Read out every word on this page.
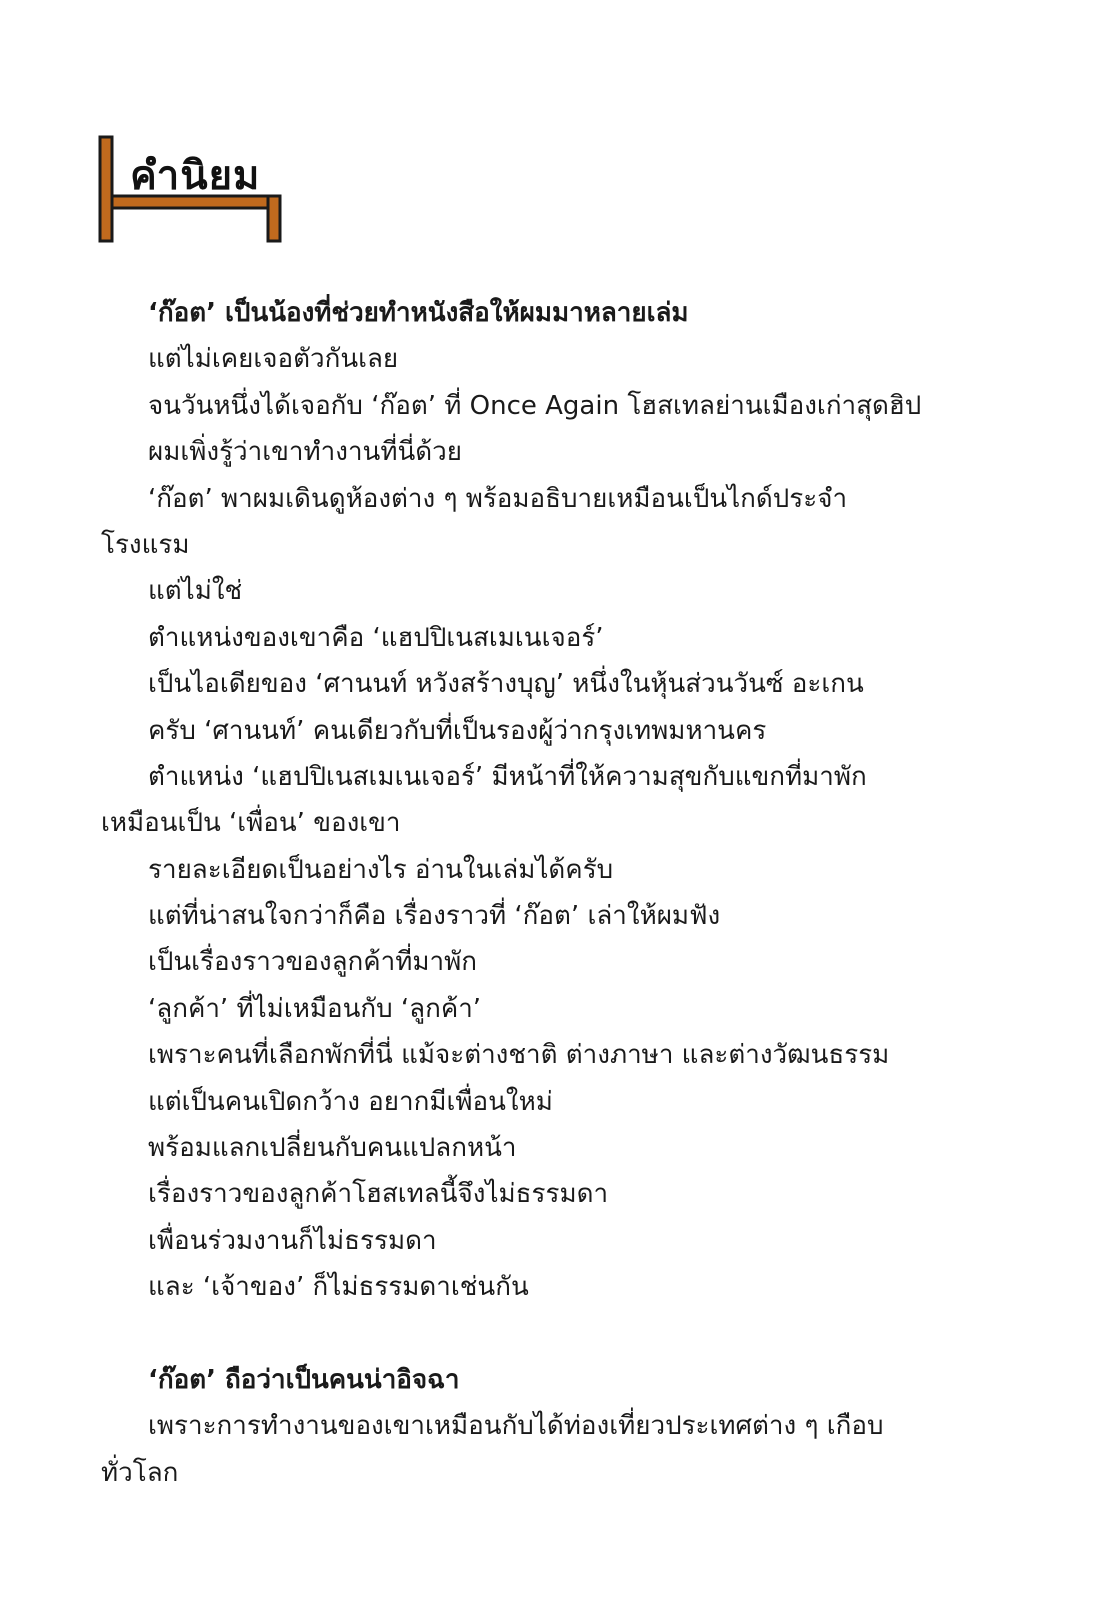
คำนิยม
‘ก๊อต’ เป็นน้องที่ช่วยทำหนังสือให้ผมมาหลายเล่ม
แต่ไม่เคยเจอตัวกันเลย
จนวันหนึ่งได้เจอกับ ‘ก๊อต’ ที่ Once Again โฮสเทลย่านเมืองเก่าสุดฮิป
ผมเพิ่งรู้ว่าเขาทำงานที่นี่ด้วย
‘ก๊อต’ พาผมเดินดูห้องต่าง ๆ พร้อมอธิบายเหมือนเป็นไกด์ประจำ
โรงแรม
แต่ไม่ใช่
ตำแหน่งของเขาคือ ‘แฮปปิเนสเมเนเจอร์’
เป็นไอเดียของ ‘ศานนท์ หวังสร้างบุญ’ หนึ่งในหุ้นส่วนวันซ์ อะเกน
ครับ ‘ศานนท์’ คนเดียวกับที่เป็นรองผู้ว่ากรุงเทพมหานคร
ตำแหน่ง ‘แฮปปิเนสเมเนเจอร์’ มีหน้าที่ให้ความสุขกับแขกที่มาพัก
เหมือนเป็น ‘เพื่อน’ ของเขา
รายละเอียดเป็นอย่างไร อ่านในเล่มได้ครับ
แต่ที่น่าสนใจกว่าก็คือ เรื่องราวที่ ‘ก๊อต’ เล่าให้ผมฟัง
เป็นเรื่องราวของลูกค้าที่มาพัก
‘ลูกค้า’ ที่ไม่เหมือนกับ ‘ลูกค้า’
เพราะคนที่เลือกพักที่นี่ แม้จะต่างชาติ ต่างภาษา และต่างวัฒนธรรม
แต่เป็นคนเปิดกว้าง อยากมีเพื่อนใหม่
พร้อมแลกเปลี่ยนกับคนแปลกหน้า
เรื่องราวของลูกค้าโฮสเทลนี้จึงไม่ธรรมดา
เพื่อนร่วมงานก็ไม่ธรรมดา
และ ‘เจ้าของ’ ก็ไม่ธรรมดาเช่นกัน
‘ก๊อต’ ถือว่าเป็นคนน่าอิจฉา
เพราะการทำงานของเขาเหมือนกับได้ท่องเที่ยวประเทศต่าง ๆ เกือบ
ทั่วโลก
